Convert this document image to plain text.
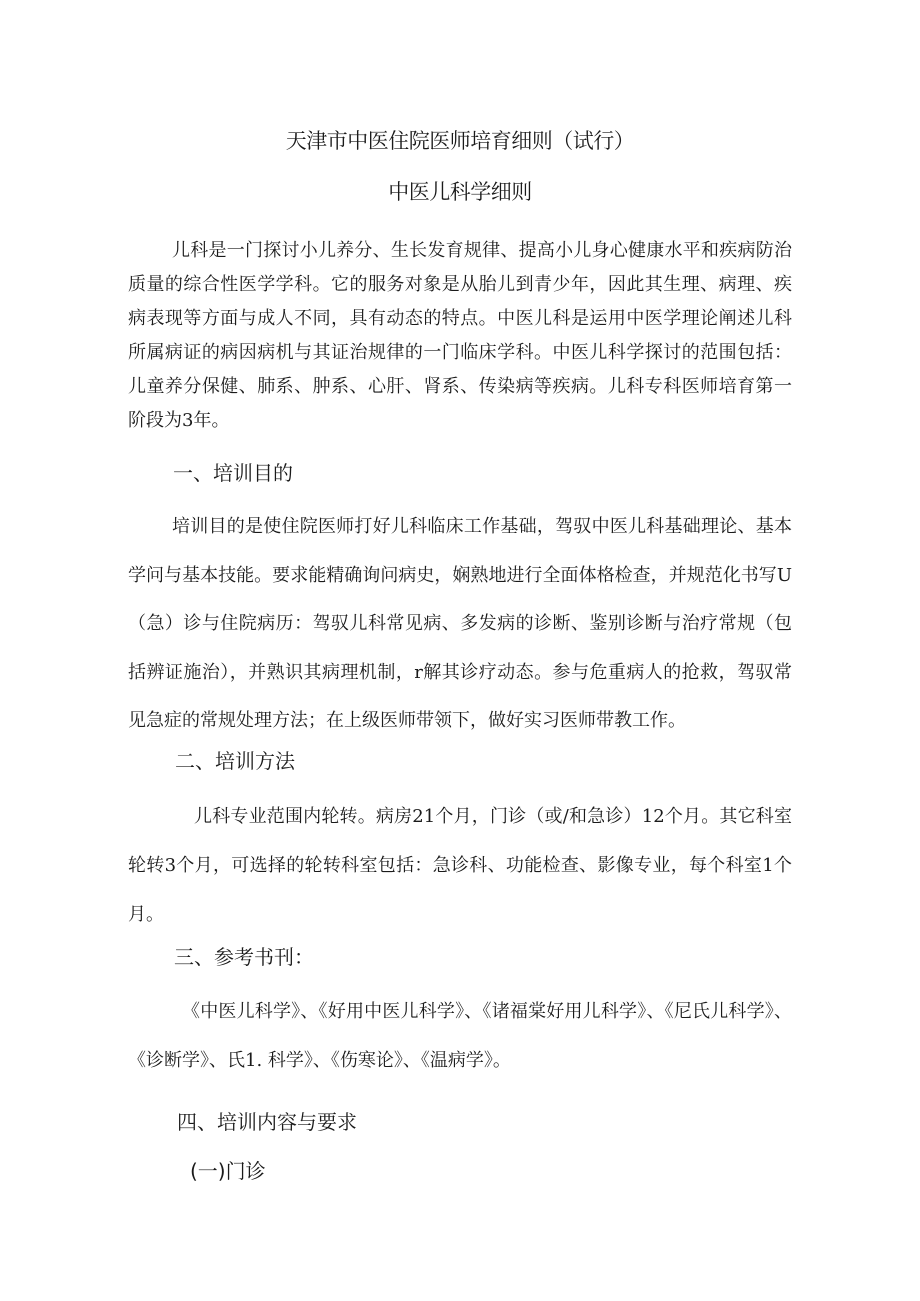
天津市中医住院医师培育细则（试行）
中医儿科学细则

儿科是一门探讨小儿养分、生长发育规律、提高小儿身心健康水平和疾病防治质量的综合性医学学科。它的服务对象是从胎儿到青少年，因此其生理、病理、疾病表现等方面与成人不同，具有动态的特点。中医儿科是运用中医学理论阐述儿科所属病证的病因病机与其证治规律的一门临床学科。中医儿科学探讨的范围包括：儿童养分保健、肺系、肿系、心肝、肾系、传染病等疾病。儿科专科医师培育第一阶段为3年。

一、培训目的

培训目的是使住院医师打好儿科临床工作基础，驾驭中医儿科基础理论、基本学问与基本技能。要求能精确询问病史，娴熟地进行全面体格检查，并规范化书写U（急）诊与住院病历：驾驭儿科常见病、多发病的诊断、鉴别诊断与治疗常规（包括辨证施治），并熟识其病理机制，r解其诊疗动态。参与危重病人的抢救，驾驭常见急症的常规处理方法；在上级医师带领下，做好实习医师带教工作。

二、培训方法

儿科专业范围内轮转。病房21个月，门诊（或/和急诊）12个月。其它科室轮转3个月，可选择的轮转科室包括：急诊科、功能检查、影像专业，每个科室1个月。

三、参考书刊：

《中医儿科学》、《好用中医儿科学》、《诸福棠好用儿科学》、《尼氏儿科学》、《诊断学》、氏1. 科学》、《伤寒论》、《温病学》。

四、培训内容与要求
(一)门诊
